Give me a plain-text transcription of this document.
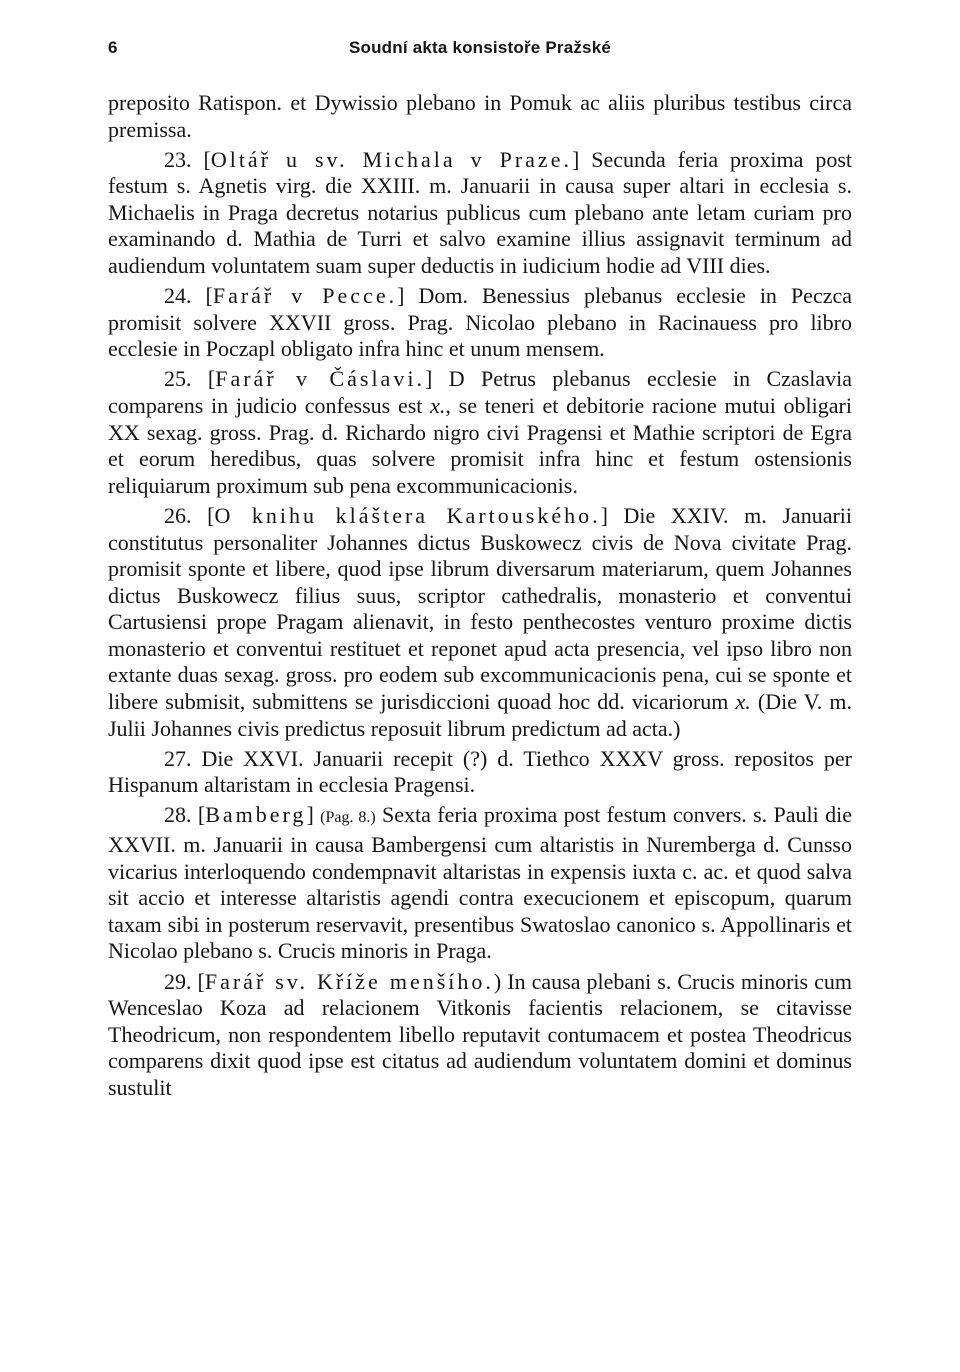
6	Soudní akta konsistoře Pražské

preposito Ratispon. et Dywissio plebano in Pomuk ac aliis pluribus testibus circa premissa.

23. [Oltář u sv. Michala v Praze.] Secunda feria proxima post festum s. Agnetis virg. die XXIII. m. Januarii in causa super altari in ecclesia s. Michaelis in Praga decretus notarius publicus cum plebano ante letam curiam pro examinando d. Mathia de Turri et salvo examine illius assignavit terminum ad audiendum voluntatem suam super deductis in iudicium hodie ad VIII dies.

24. [Farář v Pecce.] Dom. Benessius plebanus ecclesie in Peczca promisit solvere XXVII gross. Prag. Nicolao plebano in Racinauess pro libro ecclesie in Poczapl obligato infra hinc et unum mensem.

25. [Farář v Čáslavi.] D Petrus plebanus ecclesie in Czaslavia comparens in judicio confessus est x., se teneri et debitorie racione mutui obligari XX sexag. gross. Prag. d. Richardo nigro civi Pragensi et Mathie scriptori de Egra et eorum heredibus, quas solvere promisit infra hinc et festum ostensionis reliquiarum proximum sub pena excommunicacionis.

26. [O knihu kláštera Kartouského.] Die XXIV. m. Januarii constitutus personaliter Johannes dictus Buskowecz civis de Nova civitate Prag. promisit sponte et libere, quod ipse librum diversarum materiarum, quem Johannes dictus Buskowecz filius suus, scriptor cathedralis, monasterio et conventui Cartusiensi prope Pragam alienavit, in festo penthecostes venturo proxime dictis monasterio et conventui restituet et reponet apud acta presencia, vel ipso libro non extante duas sexag. gross. pro eodem sub excommunicacionis pena, cui se sponte et libere submisit, submittens se jurisdiccioni quoad hoc dd. vicariorum x. (Die V. m. Julii Johannes civis predictus reposuit librum predictum ad acta.)

27. Die XXVI. Januarii recepit (?) d. Tiethco XXXV gross. repositos per Hispanum altaristam in ecclesia Pragensi.

28. [Bamberg] (Pag. 8.) Sexta feria proxima post festum convers. s. Pauli die XXVII. m. Januarii in causa Bambergensi cum altaristis in Nuremberga d. Cunsso vicarius interloquendo condempnavit altaristas in expensis iuxta c. ac. et quod salva sit accio et interesse altaristis agendi contra execucionem et episcopum, quarum taxam sibi in posterum reservavit, presentibus Swatoslao canonico s. Appollinaris et Nicolao plebano s. Crucis minoris in Praga.

29. [Farář sv. Kříže menšího.) In causa plebani s. Crucis minoris cum Wenceslao Koza ad relacionem Vitkonis facientis relacionem, se citavisse Theodricum, non respondentem libello reputavit contumacem et postea Theodricus comparens dixit quod ipse est citatus ad audiendum voluntatem domini et dominus sustulit
